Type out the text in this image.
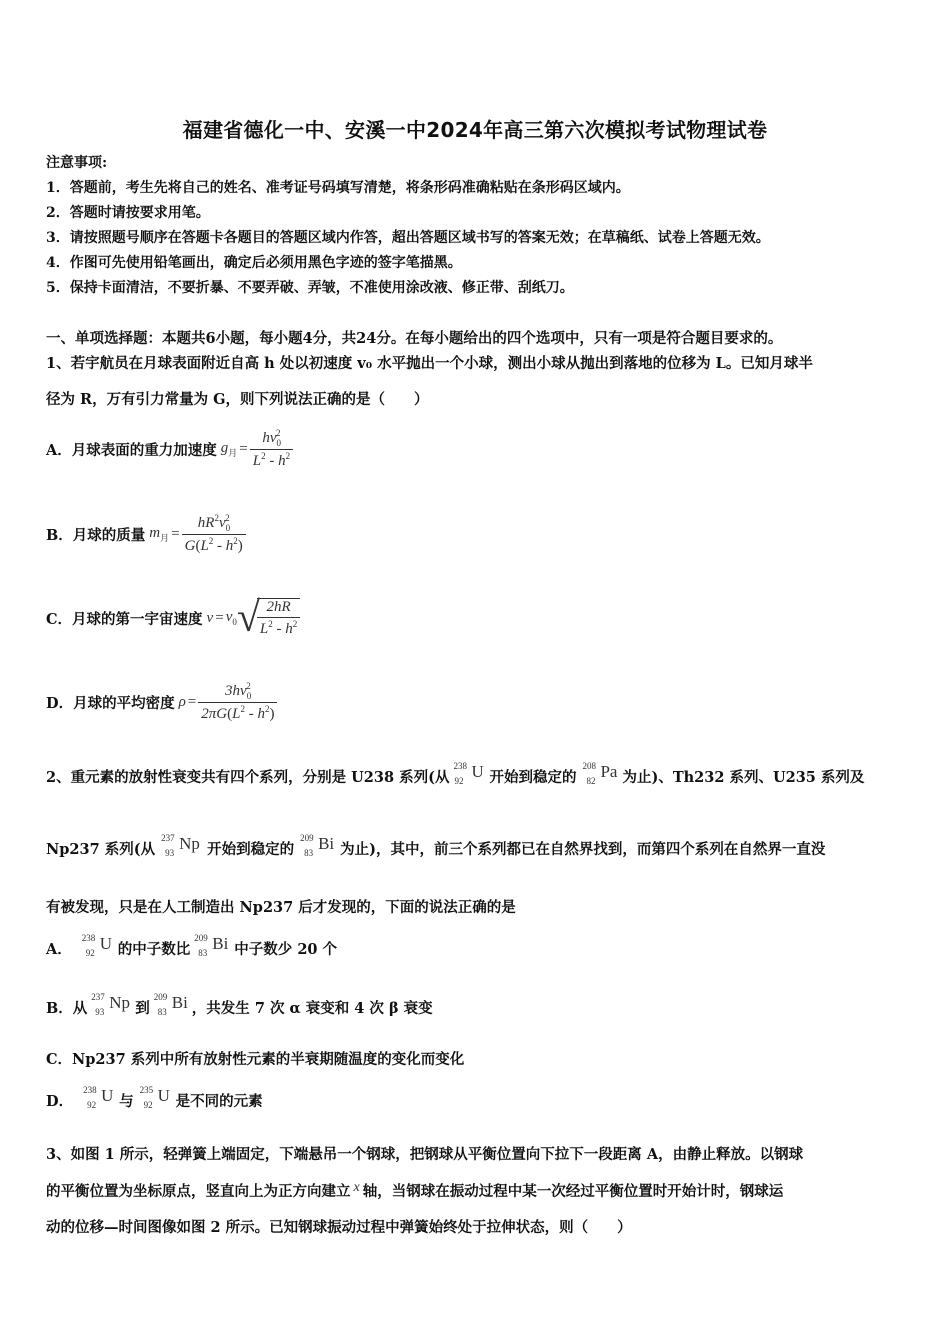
福建省德化一中、安溪一中2024年高三第六次模拟考试物理试卷
注意事项:
1．答题前，考生先将自己的姓名、准考证号码填写清楚，将条形码准确粘贴在条形码区域内。
2．答题时请按要求用笔。
3．请按照题号顺序在答题卡各题目的答题区域内作答，超出答题区域书写的答案无效；在草稿纸、试卷上答题无效。
4．作图可先使用铅笔画出，确定后必须用黑色字迹的签字笔描黑。
5．保持卡面清洁，不要折暴、不要弄破、弄皱，不准使用涂改液、修正带、刮纸刀。
一、单项选择题：本题共6小题，每小题4分，共24分。在每小题给出的四个选项中，只有一项是符合题目要求的。
1、若宇航员在月球表面附近自高 h 处以初速度 v₀ 水平抛出一个小球，测出小球从抛出到落地的位移为 L。已知月球半
径为 R，万有引力常量为 G，则下列说法正确的是（　　）
A．月球表面的重力加速度 $g_月 = \frac{hv_0^2}{L^2 - h^2}$
B．月球的质量 $m_月 = \frac{hR^2v_0^2}{G(L^2 - h^2)}$
C．月球的第一宇宙速度 $v = v_0$ √
$\frac{2hR}{L^2 - h^2}$
D．月球的平均密度 $\rho = \frac{3hv_0^2}{2\pi G(L^2 - h^2)}$
2、重元素的放射性衰变共有四个系列，分别是 U238 系列(从
238
92 U 开始到稳定的
208
82 Pa 为止)、Th232 系列、U235 系列及
Np237 系列(从
237
93 Np 开始到稳定的
209
83 Bi 为止)，其中，前三个系列都已在自然界找到，而第四个系列在自然界一直没
有被发现，只是在人工制造出 Np237 后才发现的，下面的说法正确的是
A．
238
92 U 的中子数比
209
83 Bi 中子数少 20 个
B．从
237
93 Np 到
209
83 Bi ，共发生 7 次 α 衰变和 4 次 β 衰变
C．Np237 系列中所有放射性元素的半衰期随温度的变化而变化
D．
238
92 U 与
235
92 U 是不同的元素
3、如图 1 所示，轻弹簧上端固定，下端悬吊一个钢球，把钢球从平衡位置向下拉下一段距离 A，由静止释放。以钢球
的平衡位置为坐标原点，竖直向上为正方向建立 x 轴，当钢球在振动过程中某一次经过平衡位置时开始计时，钢球运
动的位移—时间图像如图 2 所示。已知钢球振动过程中弹簧始终处于拉伸状态，则（　　）
